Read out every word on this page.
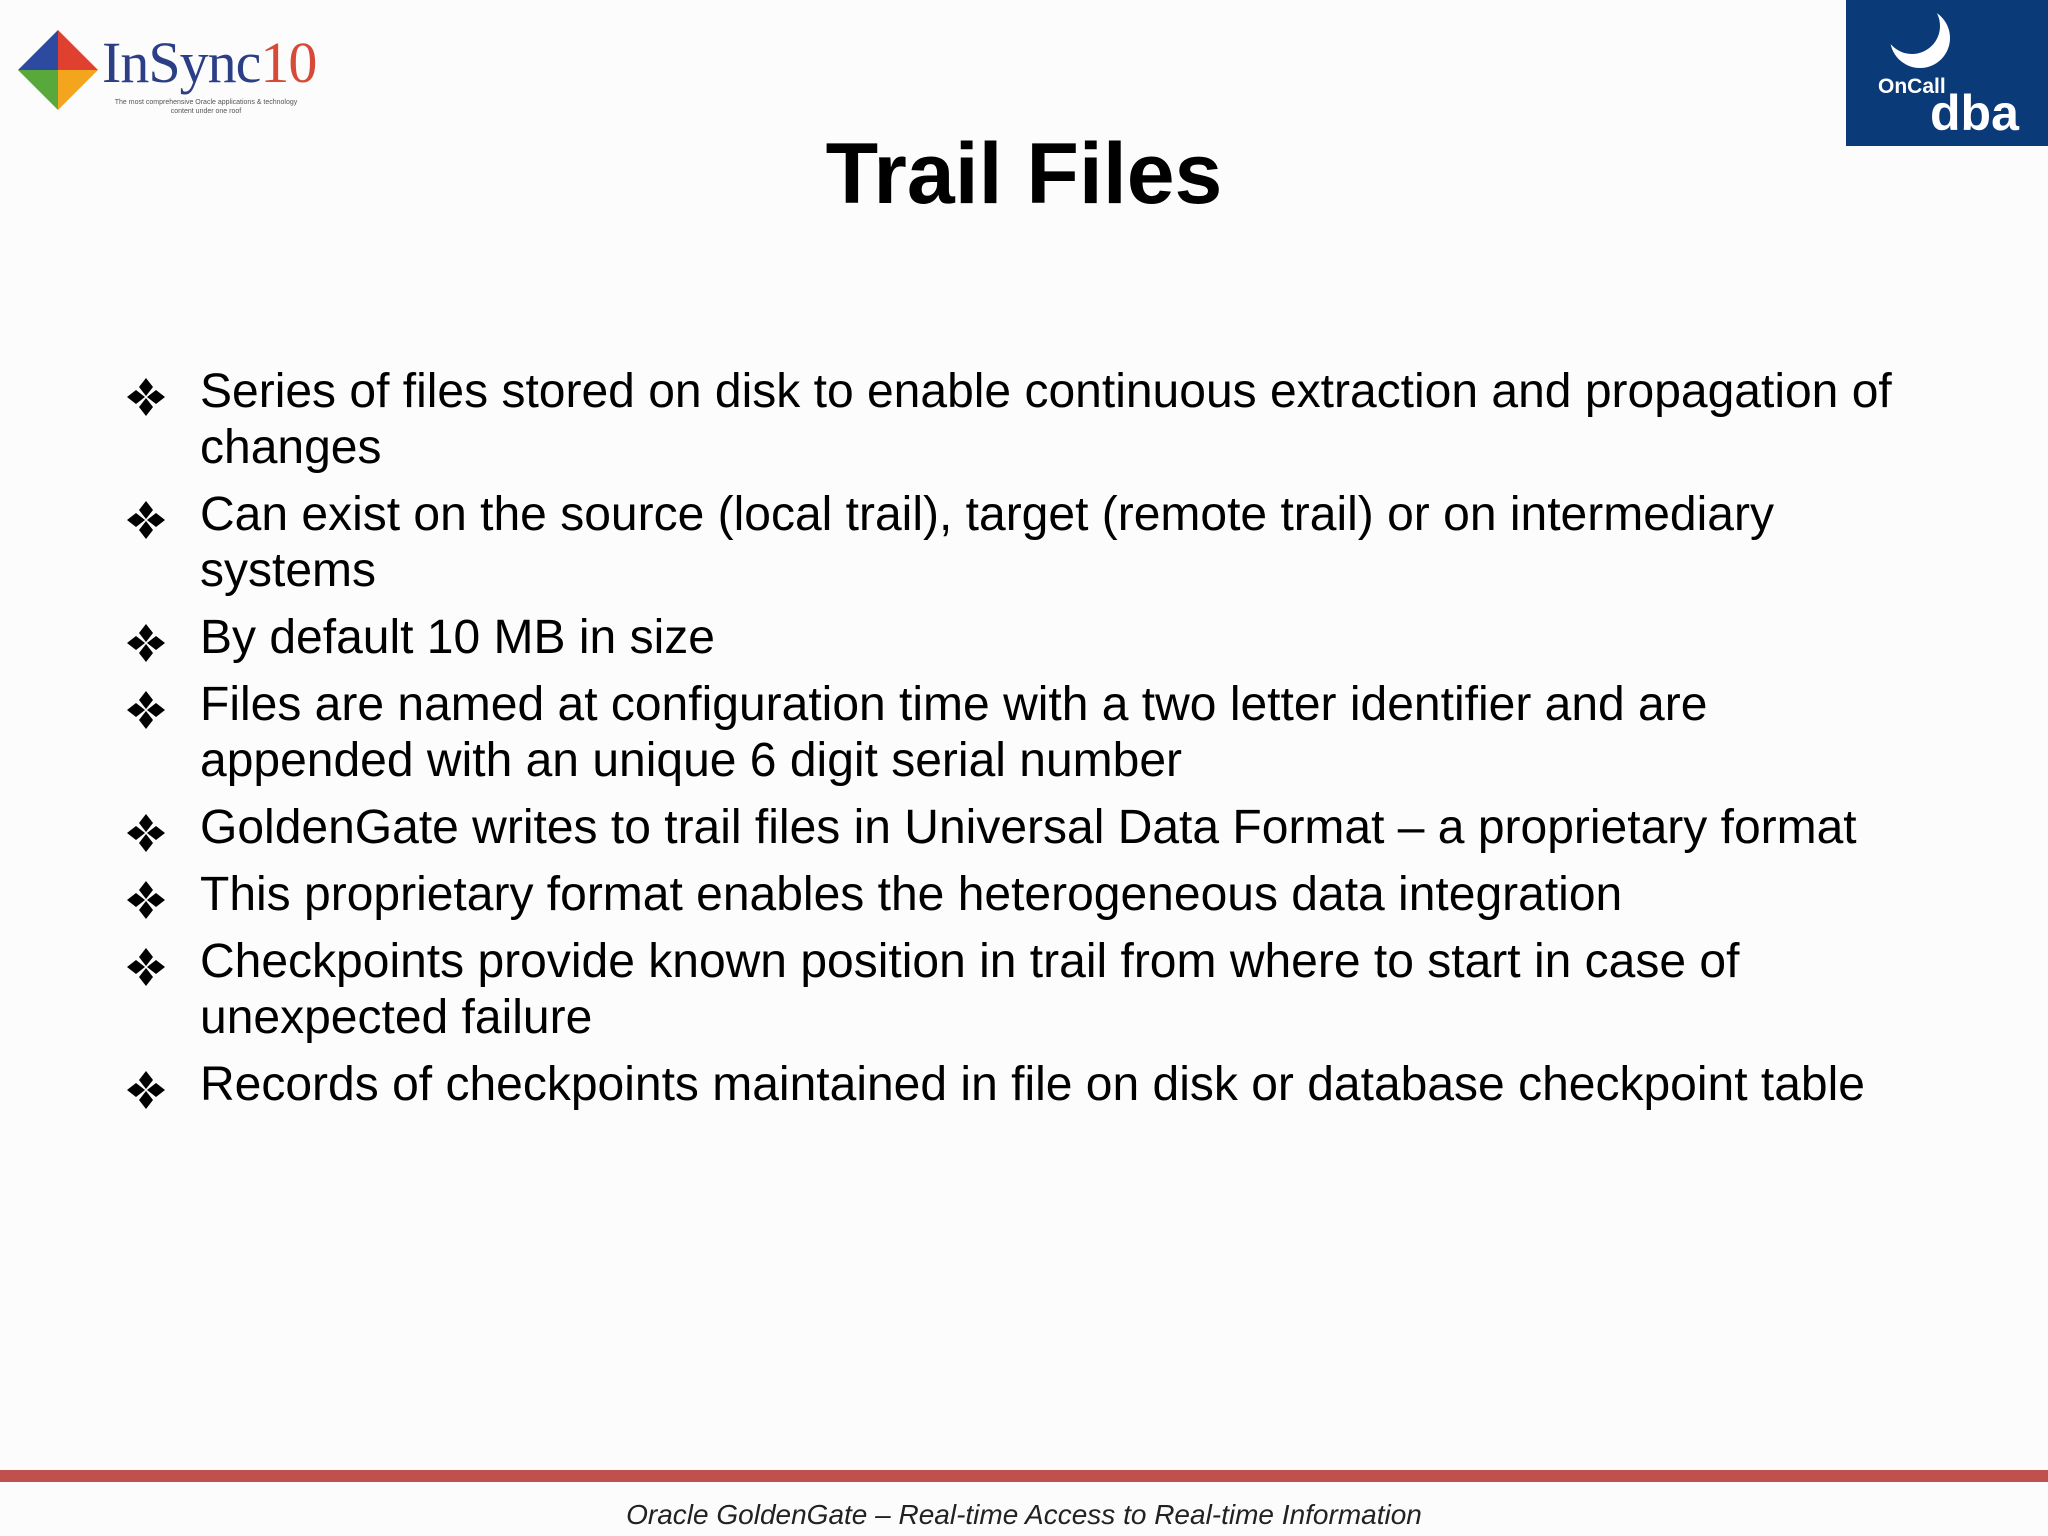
InSync10
The most comprehensive Oracle applications & technology content under one roof
OnCall
dba
Trail Files
Series of files stored on disk to enable continuous extraction and propagation of changes
Can exist on the source (local trail), target (remote trail) or on intermediary systems
By default 10 MB in size
Files are named at configuration time with a two letter identifier and are appended with an unique 6 digit serial number
GoldenGate writes to trail files in Universal Data Format – a proprietary format
This proprietary format enables the heterogeneous data integration
Checkpoints provide known position in trail from where to start in case of unexpected failure
Records of checkpoints maintained in file on disk or database checkpoint table
Oracle GoldenGate – Real-time Access to Real-time Information
